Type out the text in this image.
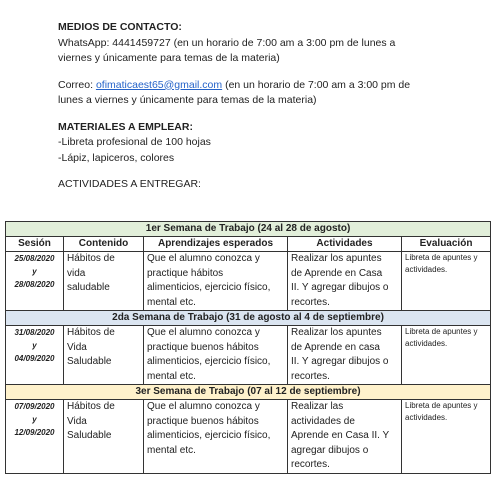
MEDIOS DE CONTACTO:

WhatsApp: 4441459727 (en un horario de 7:00 am a 3:00 pm de lunes a

viernes y únicamente para temas de la materia)

Correo: ofimaticaest65@gmail.com (en un horario de 7:00 am a 3:00 pm de

lunes a viernes y únicamente para temas de la materia)

MATERIALES A EMPLEAR:

-Libreta profesional de 100 hojas

-Lápiz, lapiceros, colores

ACTIVIDADES A ENTREGAR:

1er Semana de Trabajo (24 al 28 de agosto)				
Sesión	Contenido	Aprendizajes esperados	Actividades	Evaluación

25/08/2020
y
28/08/2020	Hábitos de
vida
saludable	Que el alumno conozca y
practique hábitos
alimenticios, ejercicio físico,
mental etc.	Realizar los apuntes
de Aprende en Casa
II. Y agregar dibujos o
recortes.	Libreta de apuntes y
actividades.

2da Semana de Trabajo (31 de agosto al 4 de septiembre)				

31/08/2020
y
04/09/2020	Hábitos de
Vida
Saludable	Que el alumno conozca y
practique buenos hábitos
alimenticios, ejercicio físico,
mental etc.	Realizar los apuntes
de Aprende en casa
II. Y agregar dibujos o
recortes.	Libreta de apuntes y
actividades.

3er Semana de Trabajo (07 al 12 de septiembre)				

07/09/2020
y
12/09/2020	Hábitos de
Vida
Saludable	Que el alumno conozca y
practique buenos hábitos
alimenticios, ejercicio físico,
mental etc.	Realizar las
actividades de
Aprende en Casa II. Y
agregar dibujos o
recortes.	Libreta de apuntes y
actividades.
